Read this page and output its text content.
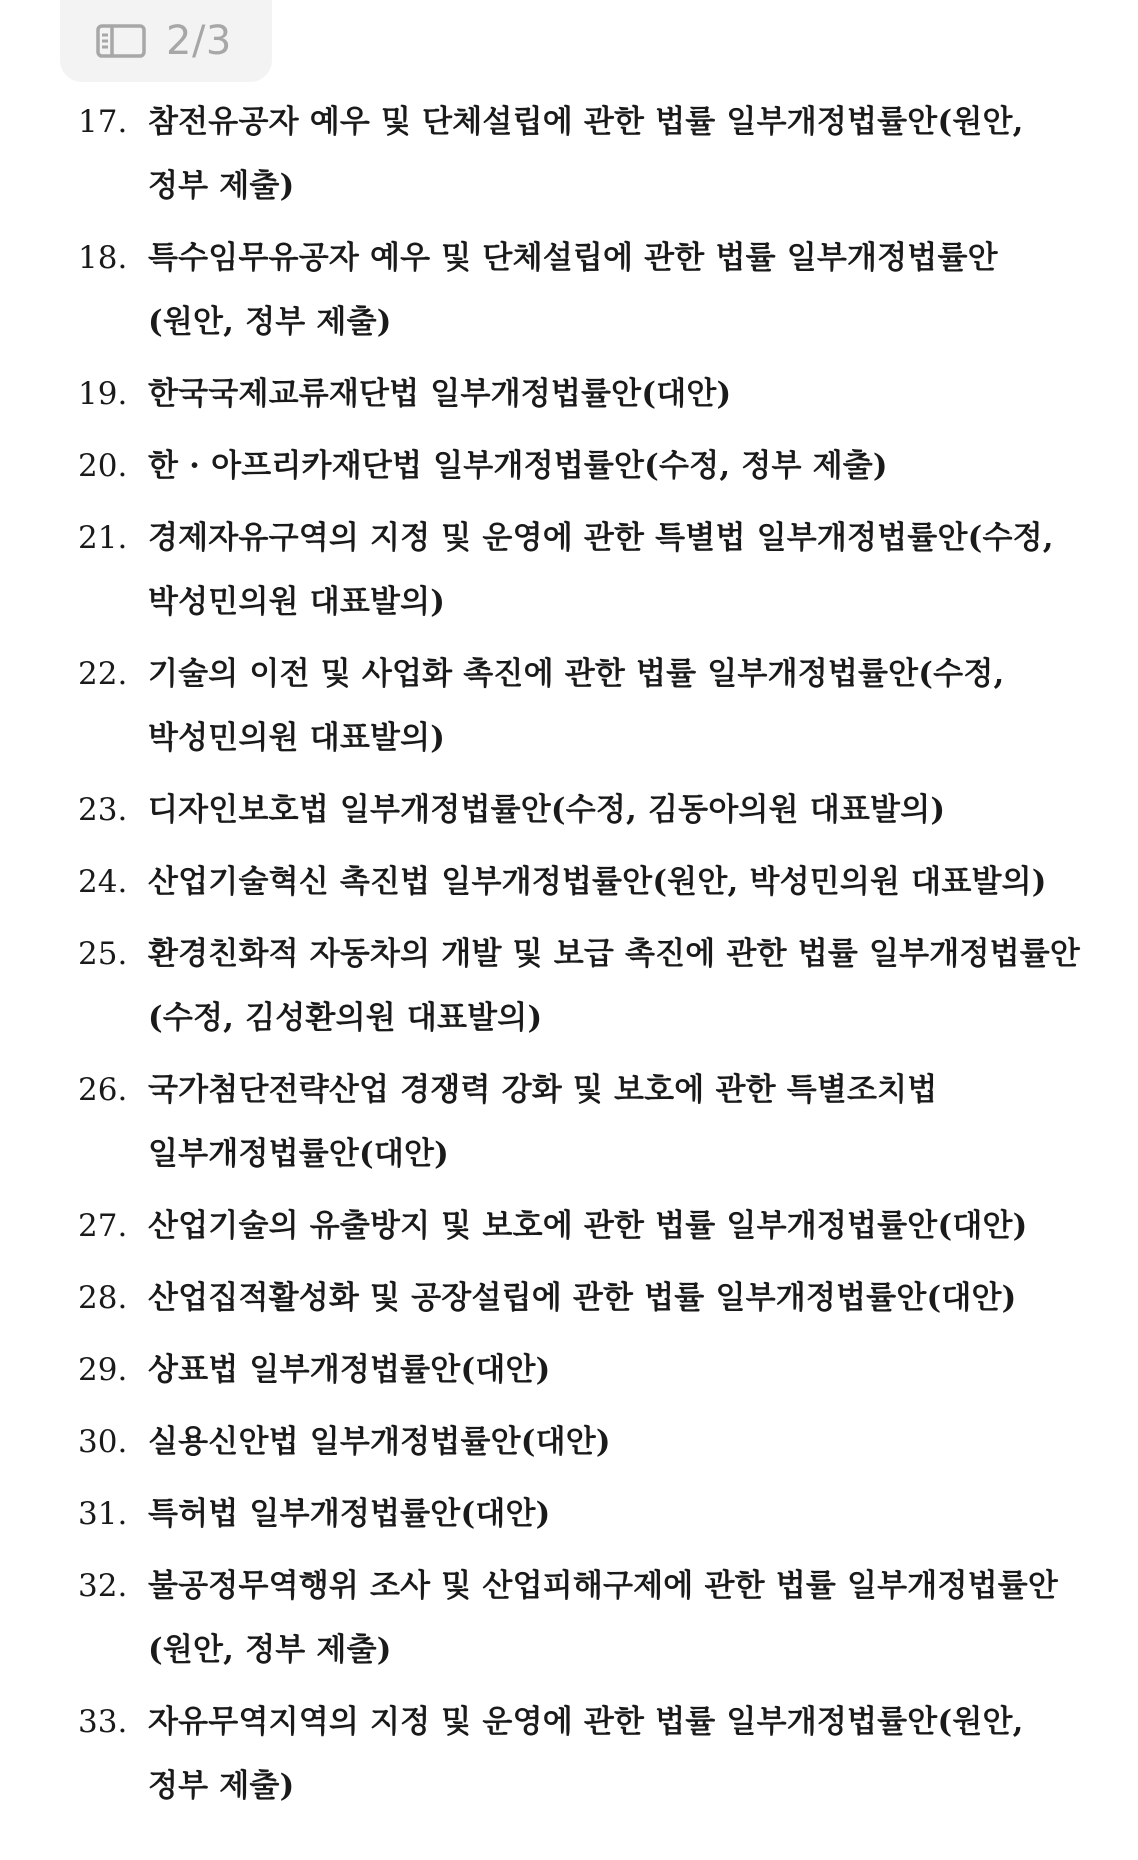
2/3
17. 참전유공자 예우 및 단체설립에 관한 법률 일부개정법률안(원안, 정부 제출)
18. 특수임무유공자 예우 및 단체설립에 관한 법률 일부개정법률안 (원안, 정부 제출)
19. 한국국제교류재단법 일부개정법률안(대안)
20. 한 · 아프리카재단법 일부개정법률안(수정, 정부 제출)
21. 경제자유구역의 지정 및 운영에 관한 특별법 일부개정법률안(수정, 박성민의원 대표발의)
22. 기술의 이전 및 사업화 촉진에 관한 법률 일부개정법률안(수정, 박성민의원 대표발의)
23. 디자인보호법 일부개정법률안(수정, 김동아의원 대표발의)
24. 산업기술혁신 촉진법 일부개정법률안(원안, 박성민의원 대표발의)
25. 환경친화적 자동차의 개발 및 보급 촉진에 관한 법률 일부개정법률안(수정, 김성환의원 대표발의)
26. 국가첨단전략산업 경쟁력 강화 및 보호에 관한 특별조치법 일부개정법률안(대안)
27. 산업기술의 유출방지 및 보호에 관한 법률 일부개정법률안(대안)
28. 산업집적활성화 및 공장설립에 관한 법률 일부개정법률안(대안)
29. 상표법 일부개정법률안(대안)
30. 실용신안법 일부개정법률안(대안)
31. 특허법 일부개정법률안(대안)
32. 불공정무역행위 조사 및 산업피해구제에 관한 법률 일부개정법률안 (원안, 정부 제출)
33. 자유무역지역의 지정 및 운영에 관한 법률 일부개정법률안(원안, 정부 제출)
